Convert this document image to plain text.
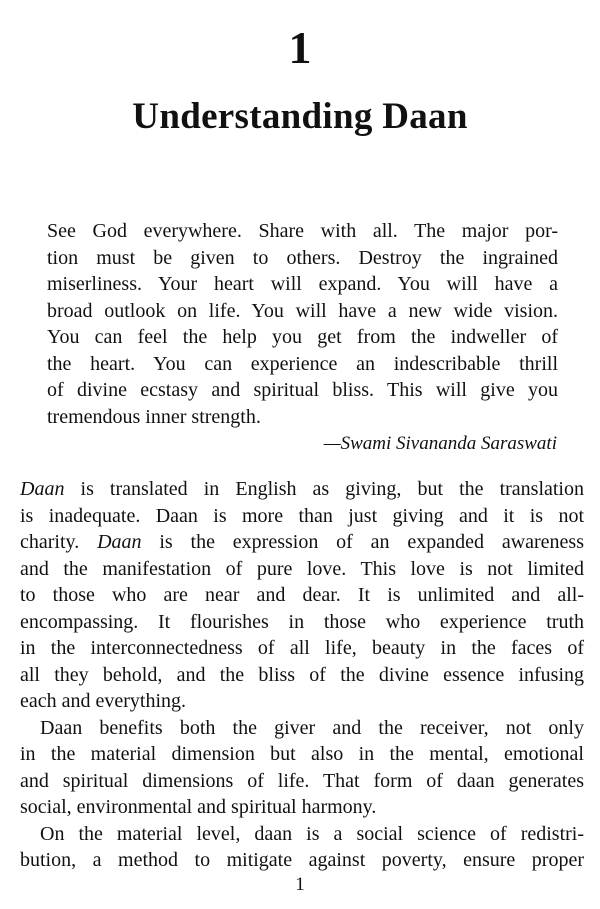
1
Understanding Daan
See God everywhere. Share with all. The major por-
tion must be given to others. Destroy the ingrained
miserliness. Your heart will expand. You will have a
broad outlook on life. You will have a new wide vision.
You can feel the help you get from the indweller of
the heart. You can experience an indescribable thrill
of divine ecstasy and spiritual bliss. This will give you
tremendous inner strength.
—Swami Sivananda Saraswati
Daan is translated in English as giving, but the translation
is inadequate. Daan is more than just giving and it is not
charity. Daan is the expression of an expanded awareness
and the manifestation of pure love. This love is not limited
to those who are near and dear. It is unlimited and all-
encompassing. It flourishes in those who experience truth
in the interconnectedness of all life, beauty in the faces of
all they behold, and the bliss of the divine essence infusing
each and everything.
Daan benefits both the giver and the receiver, not only
in the material dimension but also in the mental, emotional
and spiritual dimensions of life. That form of daan generates
social, environmental and spiritual harmony.
On the material level, daan is a social science of redistri-
bution, a method to mitigate against poverty, ensure proper
1
